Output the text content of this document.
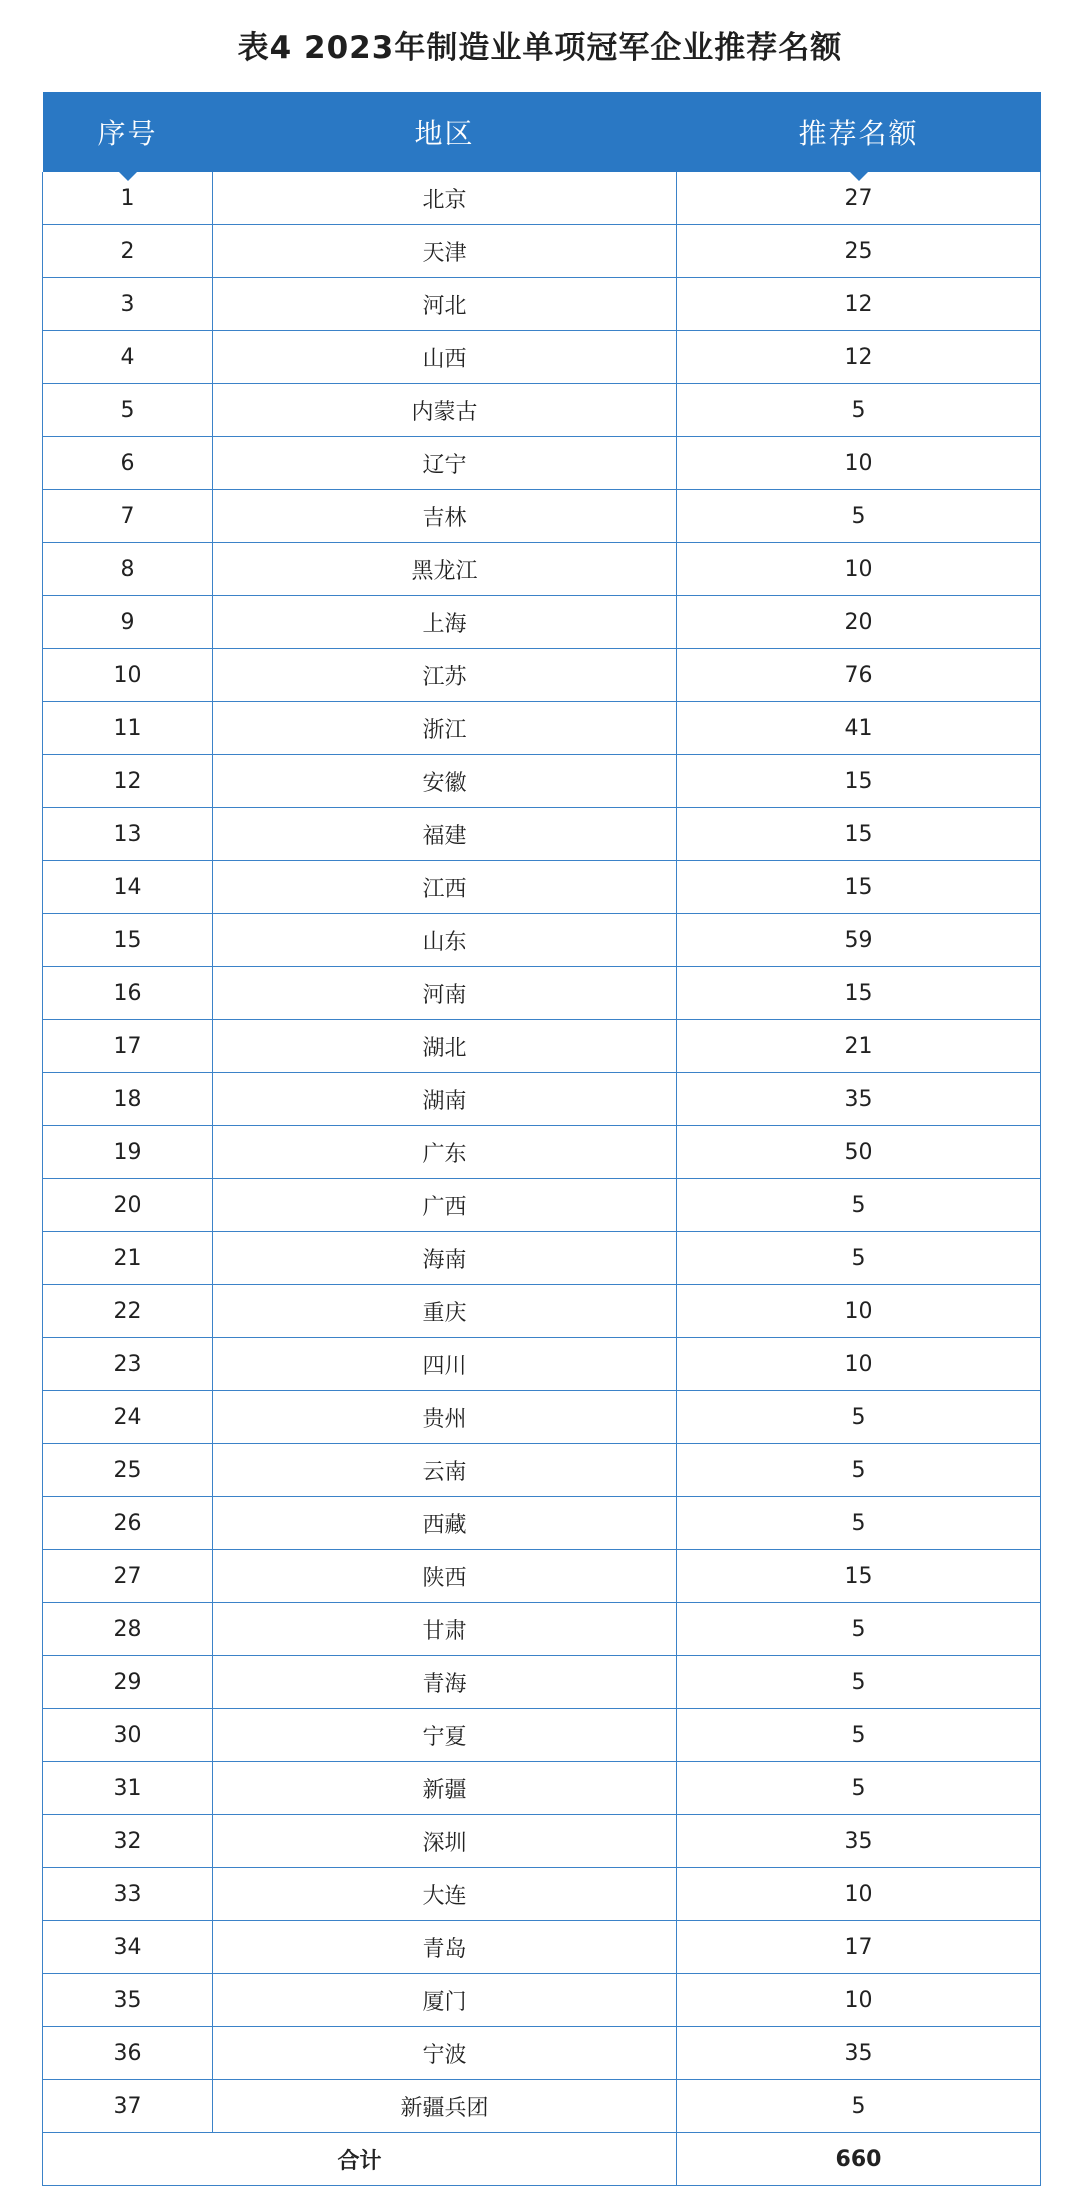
表4 2023年制造业单项冠军企业推荐名额
序号	地区	推荐名额

1	北京	27
2	天津	25
3	河北	12
4	山西	12
5	内蒙古	5
6	辽宁	10
7	吉林	5
8	黑龙江	10
9	上海	20
10	江苏	76
11	浙江	41
12	安徽	15
13	福建	15
14	江西	15
15	山东	59
16	河南	15
17	湖北	21
18	湖南	35
19	广东	50
20	广西	5
21	海南	5
22	重庆	10
23	四川	10
24	贵州	5
25	云南	5
26	西藏	5
27	陕西	15
28	甘肃	5
29	青海	5
30	宁夏	5
31	新疆	5
32	深圳	35
33	大连	10
34	青岛	17
35	厦门	10
36	宁波	35
37	新疆兵团	5
合计		660
